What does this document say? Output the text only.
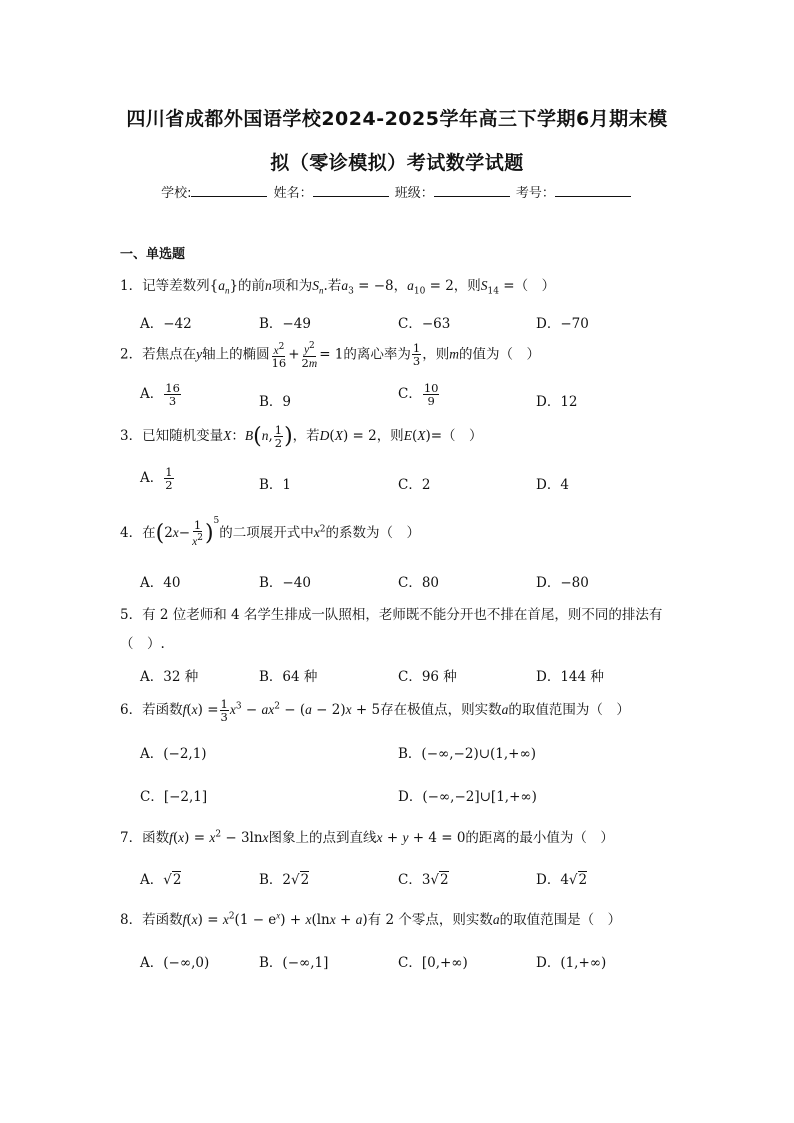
四川省成都外国语学校2024-2025学年高三下学期6月期末模
拟（零诊模拟）考试数学试题
学校:	姓名：	班级：	考号：
一、单选题
1．记等差数列$\{a_n\}$的前n项和为$S_n$.若$a_3 = -8$，$a_{10} = 2$，则$S_{14}$ =（　）
A．−42	B．−49	C．−63	D．−70
2．若焦点在y轴上的椭圆 $\frac{x^2}{16} + \frac{y^2}{2m} = 1$的离心率为 $\frac{1}{3}$ ，则m的值为（　）
A． $\frac{16}{3}$	B．9	C． $\frac{10}{9}$	D．12
3．已知随机变量X：B(n, $\frac{1}{2}$ )，若D(X) = 2，则E(X)=（　）
A． $\frac{1}{2}$	B．1	C．2	D．4
4．在$(2x- \frac{1}{x^2} )^5$的二项展开式中$x^2$的系数为（　）
A．40	B．−40	C．80	D．−80
5．有 2 位老师和 4 名学生排成一队照相，老师既不能分开也不排在首尾，则不同的排法有
（　）.
A．32 种	B．64 种	C．96 种	D．144 种
6．若函数$f(x) = \frac{1}{3} x^3 - ax^2 - (a - 2)x + 5$存在极值点，则实数a的取值范围为（　）
A．(−2,1)	B．(−∞,−2)∪(1,+∞)
C．[−2,1]	D．(−∞,−2]∪[1,+∞)
7．函数$f(x) = x^2 - 3\ln x$图象上的点到直线x + y + 4 = 0的距离的最小值为（　）
A．√2	B．2√2	C．3√2	D．4√2
8．若函数$f(x) = x^2(1 - e^x) + x(\ln x + a)$有 2 个零点，则实数a的取值范围是（　）
A．(−∞,0)	B．(−∞,1]	C．[0,+∞)	D．(1,+∞)
